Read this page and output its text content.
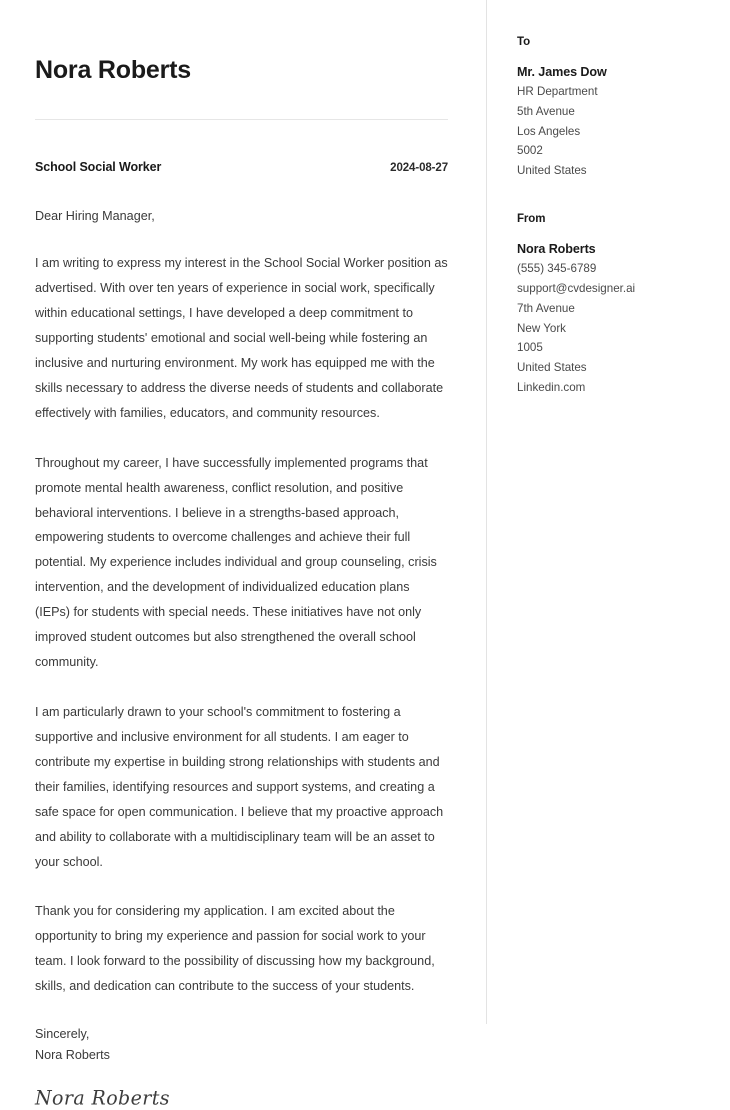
Nora Roberts
School Social Worker	2024-08-27
Dear Hiring Manager,

I am writing to express my interest in the School Social Worker position as advertised. With over ten years of experience in social work, specifically within educational settings, I have developed a deep commitment to supporting students' emotional and social well-being while fostering an inclusive and nurturing environment. My work has equipped me with the skills necessary to address the diverse needs of students and collaborate effectively with families, educators, and community resources.

Throughout my career, I have successfully implemented programs that promote mental health awareness, conflict resolution, and positive behavioral interventions. I believe in a strengths-based approach, empowering students to overcome challenges and achieve their full potential. My experience includes individual and group counseling, crisis intervention, and the development of individualized education plans (IEPs) for students with special needs. These initiatives have not only improved student outcomes but also strengthened the overall school community.

I am particularly drawn to your school's commitment to fostering a supportive and inclusive environment for all students. I am eager to contribute my expertise in building strong relationships with students and their families, identifying resources and support systems, and creating a safe space for open communication. I believe that my proactive approach and ability to collaborate with a multidisciplinary team will be an asset to your school.

Thank you for considering my application. I am excited about the opportunity to bring my experience and passion for social work to your team. I look forward to the possibility of discussing how my background, skills, and dedication can contribute to the success of your students.

Sincerely,
Nora Roberts
Nora Roberts
To
Mr. James Dow
HR Department
5th Avenue
Los Angeles
5002
United States
From
Nora Roberts
(555) 345-6789
support@cvdesigner.ai
7th Avenue
New York
1005
United States
Linkedin.com
